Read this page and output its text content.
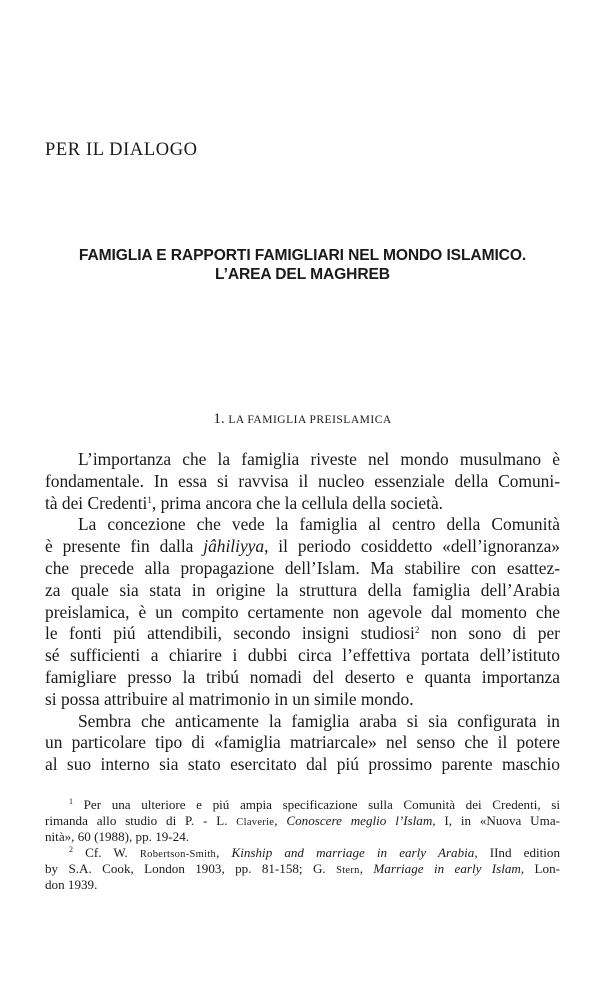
PER IL DIALOGO
FAMIGLIA E RAPPORTI FAMIGLIARI NEL MONDO ISLAMICO.
L’AREA DEL MAGHREB
1. LA FAMIGLIA PREISLAMICA
L’importanza che la famiglia riveste nel mondo musulmano è
fondamentale. In essa si ravvisa il nucleo essenziale della Comuni-
tà dei Credenti$^1$, prima ancora che la cellula della società.
La concezione che vede la famiglia al centro della Comunità
è presente fin dalla jâhiliyya, il periodo cosiddetto «dell’ignoranza»
che precede alla propagazione dell’Islam. Ma stabilire con esattez-
za quale sia stata in origine la struttura della famiglia dell’Arabia
preislamica, è un compito certamente non agevole dal momento che
le fonti piú attendibili, secondo insigni studiosi$^2$ non sono di per
sé sufficienti a chiarire i dubbi circa l’effettiva portata dell’istituto
famigliare presso la tribú nomadi del deserto e quanta importanza
si possa attribuire al matrimonio in un simile mondo.
Sembra che anticamente la famiglia araba si sia configurata in
un particolare tipo di «famiglia matriarcale» nel senso che il potere
al suo interno sia stato esercitato dal piú prossimo parente maschio
$^1$ Per una ulteriore e piú ampia specificazione sulla Comunità dei Credenti, si
rimanda allo studio di P. - L. Claverie, Conoscere meglio l’Islam, I, in «Nuova Uma-
nità», 60 (1988), pp. 19-24.
$^2$ Cf. W. Robertson-Smith, Kinship and marriage in early Arabia, IInd edition
by S.A. Cook, London 1903, pp. 81-158; G. Stern, Marriage in early Islam, Lon-
don 1939.
